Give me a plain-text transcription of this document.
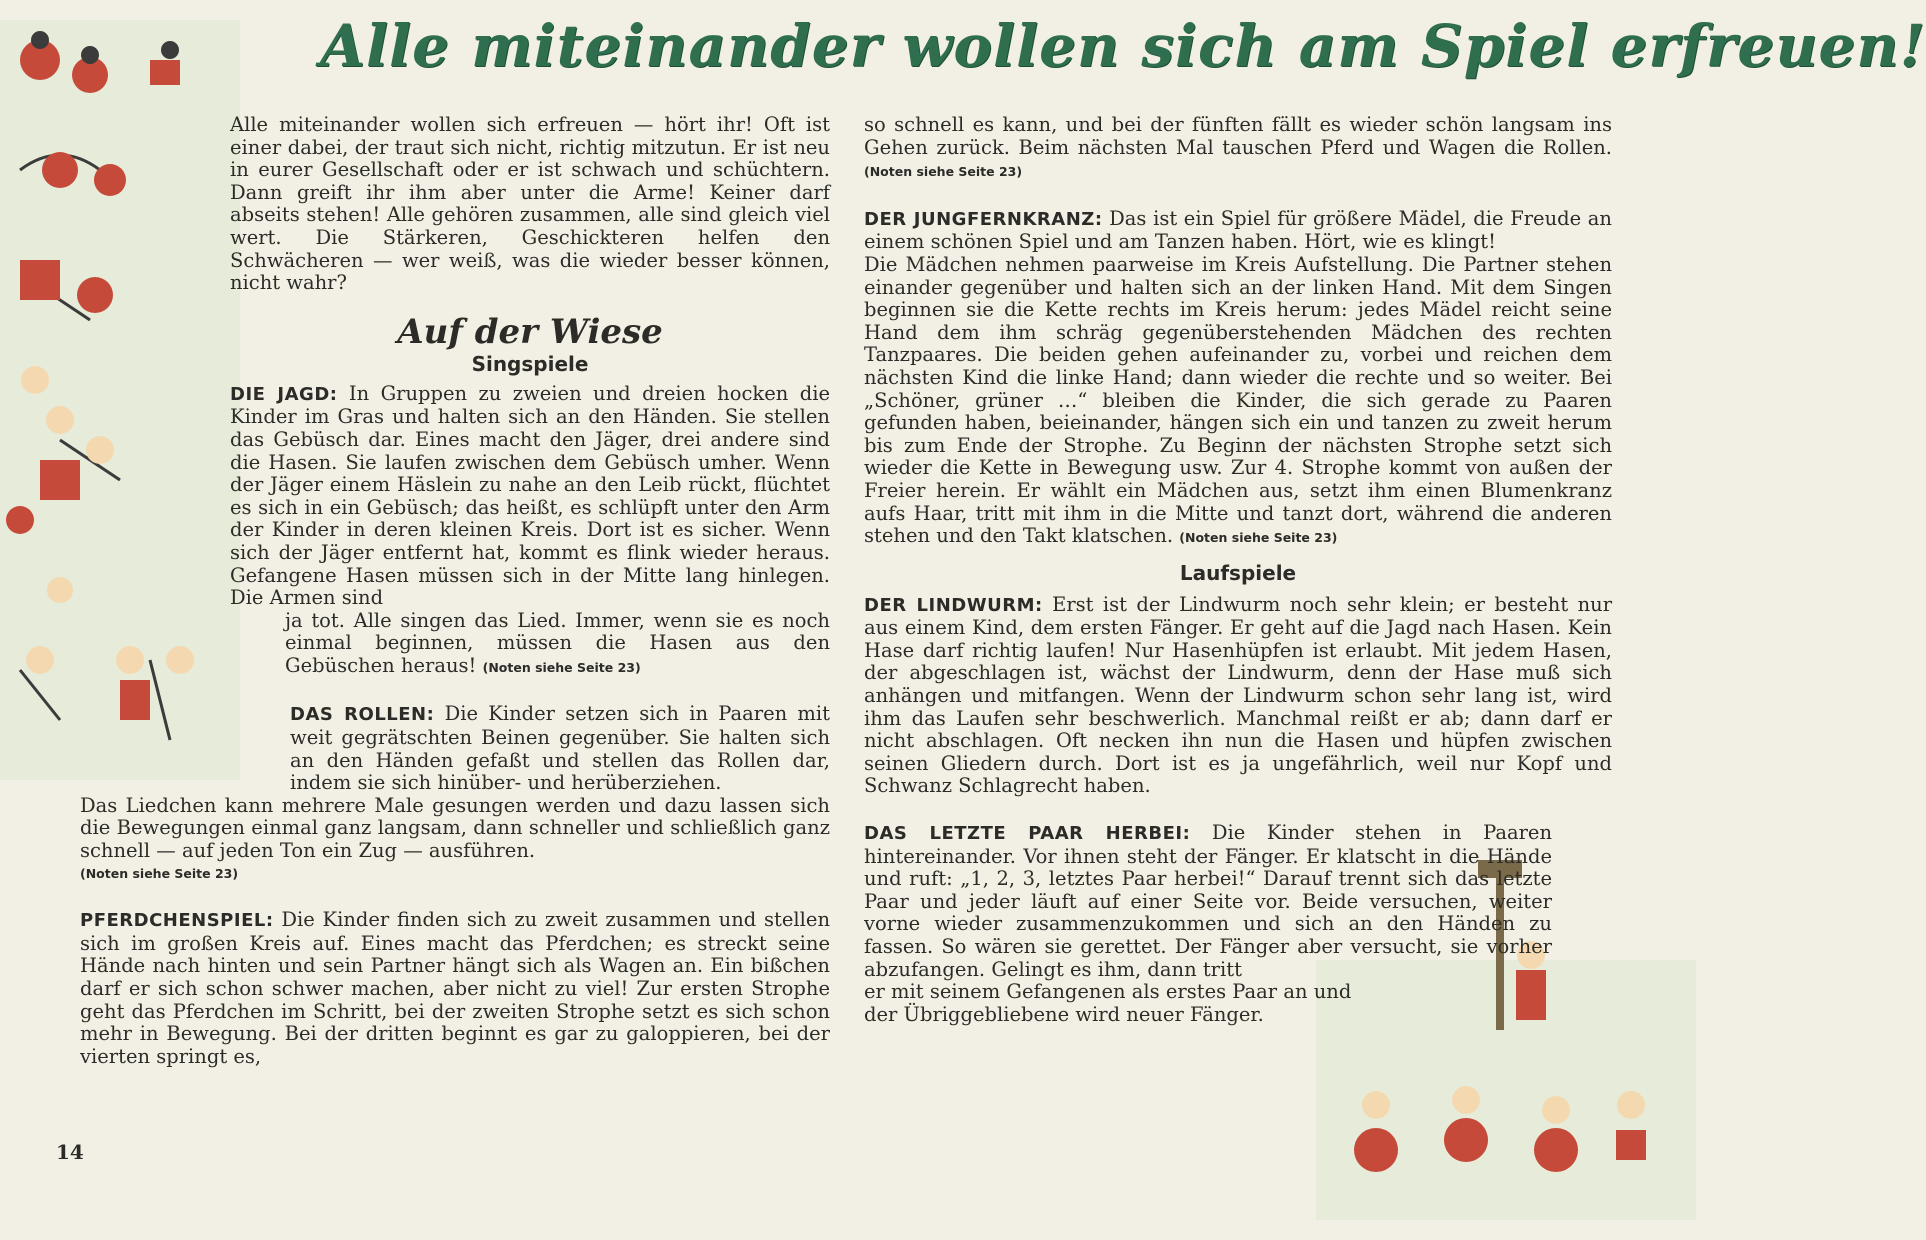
Alle miteinander wollen sich am Spiel erfreuen!

Alle miteinander wollen sich erfreuen — hört ihr! Oft ist einer dabei, der traut sich nicht, richtig mitzutun. Er ist neu in eurer Gesellschaft oder er ist schwach und schüchtern. Dann greift ihr ihm aber unter die Arme! Keiner darf abseits stehen! Alle gehören zusammen, alle sind gleich viel wert. Die Stärkeren, Geschickteren helfen den Schwächeren — wer weiß, was die wieder besser können, nicht wahr?

Auf der Wiese

Singspiele

DIE JAGD: In Gruppen zu zweien und dreien hocken die Kinder im Gras und halten sich an den Händen. Sie stellen das Gebüsch dar. Eines macht den Jäger, drei andere sind die Hasen. Sie laufen zwischen dem Gebüsch umher. Wenn der Jäger einem Häslein zu nahe an den Leib rückt, flüchtet es sich in ein Gebüsch; das heißt, es schlüpft unter den Arm der Kinder in deren kleinen Kreis. Dort ist es sicher. Wenn sich der Jäger entfernt hat, kommt es flink wieder heraus. Gefangene Hasen müssen sich in der Mitte lang hinlegen. Die Armen sind

ja tot. Alle singen das Lied. Immer, wenn sie es noch einmal beginnen, müssen die Hasen aus den Gebüschen heraus! (Noten siehe Seite 23)

DAS ROLLEN: Die Kinder setzen sich in Paaren mit weit gegrätschten Beinen gegenüber. Sie halten sich an den Händen gefaßt und stellen das Rollen dar, indem sie sich hinüber- und herüberziehen.

Das Liedchen kann mehrere Male gesungen werden und dazu lassen sich die Bewegungen einmal ganz langsam, dann schneller und schließlich ganz schnell — auf jeden Ton ein Zug — ausführen.

(Noten siehe Seite 23)

PFERDCHENSPIEL: Die Kinder finden sich zu zweit zusammen und stellen sich im großen Kreis auf. Eines macht das Pferdchen; es streckt seine Hände nach hinten und sein Partner hängt sich als Wagen an. Ein bißchen darf er sich schon schwer machen, aber nicht zu viel! Zur ersten Strophe geht das Pferdchen im Schritt, bei der zweiten Strophe setzt es sich schon mehr in Bewegung. Bei der dritten beginnt es gar zu galoppieren, bei der vierten springt es,

so schnell es kann, und bei der fünften fällt es wieder schön langsam ins Gehen zurück. Beim nächsten Mal tauschen Pferd und Wagen die Rollen. (Noten siehe Seite 23)

DER JUNGFERNKRANZ: Das ist ein Spiel für größere Mädel, die Freude an einem schönen Spiel und am Tanzen haben. Hört, wie es klingt!

Die Mädchen nehmen paarweise im Kreis Aufstellung. Die Partner stehen einander gegenüber und halten sich an der linken Hand. Mit dem Singen beginnen sie die Kette rechts im Kreis herum: jedes Mädel reicht seine Hand dem ihm schräg gegenüberstehenden Mädchen des rechten Tanzpaares. Die beiden gehen aufeinander zu, vorbei und reichen dem nächsten Kind die linke Hand; dann wieder die rechte und so weiter. Bei „Schöner, grüner …“ bleiben die Kinder, die sich gerade zu Paaren gefunden haben, beieinander, hängen sich ein und tanzen zu zweit herum bis zum Ende der Strophe. Zu Beginn der nächsten Strophe setzt sich wieder die Kette in Bewegung usw. Zur 4. Strophe kommt von außen der Freier herein. Er wählt ein Mädchen aus, setzt ihm einen Blumenkranz aufs Haar, tritt mit ihm in die Mitte und tanzt dort, während die anderen stehen und den Takt klatschen. (Noten siehe Seite 23)

Laufspiele

DER LINDWURM: Erst ist der Lindwurm noch sehr klein; er besteht nur aus einem Kind, dem ersten Fänger. Er geht auf die Jagd nach Hasen. Kein Hase darf richtig laufen! Nur Hasenhüpfen ist erlaubt. Mit jedem Hasen, der abgeschlagen ist, wächst der Lindwurm, denn der Hase muß sich anhängen und mitfangen. Wenn der Lindwurm schon sehr lang ist, wird ihm das Laufen sehr beschwerlich. Manchmal reißt er ab; dann darf er nicht abschlagen. Oft necken ihn nun die Hasen und hüpfen zwischen seinen Gliedern durch. Dort ist es ja ungefährlich, weil nur Kopf und Schwanz Schlagrecht haben.

DAS LETZTE PAAR HERBEI: Die Kinder stehen in Paaren hintereinander. Vor ihnen steht der Fänger. Er klatscht in die Hände und ruft: „1, 2, 3, letztes Paar herbei!“ Darauf trennt sich das letzte Paar und jeder läuft auf einer Seite vor. Beide versuchen, weiter vorne wieder zusammenzukommen und sich an den Händen zu fassen. So wären sie gerettet. Der Fänger aber versucht, sie vorher abzufangen. Gelingt es ihm, dann tritt

er mit seinem Gefangenen als erstes Paar an und der Übriggebliebene wird neuer Fänger.

14
